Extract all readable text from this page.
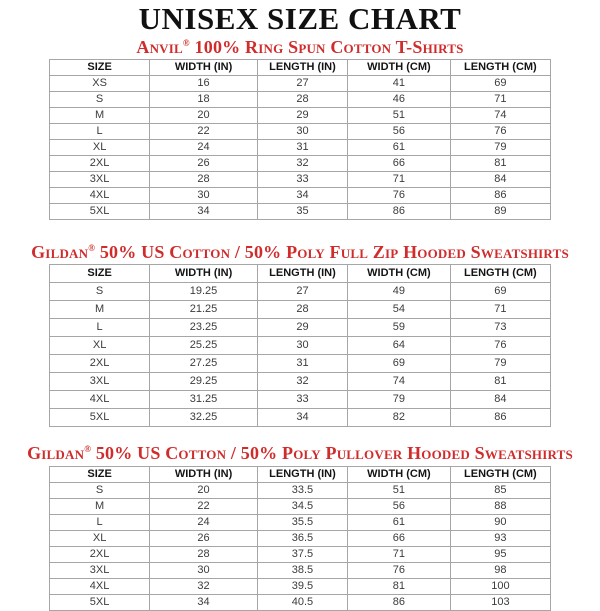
UNISEX SIZE CHART
Anvil® 100% Ring Spun Cotton T-Shirts
SIZE	WIDTH (IN)	LENGTH (IN)	WIDTH (CM)	LENGTH (CM)
XS	16	27	41	69
S	18	28	46	71
M	20	29	51	74
L	22	30	56	76
XL	24	31	61	79
2XL	26	32	66	81
3XL	28	33	71	84
4XL	30	34	76	86
5XL	34	35	86	89
Gildan® 50% US Cotton / 50% Poly Full Zip Hooded Sweatshirts
SIZE	WIDTH (IN)	LENGTH (IN)	WIDTH (CM)	LENGTH (CM)
S	19.25	27	49	69
M	21.25	28	54	71
L	23.25	29	59	73
XL	25.25	30	64	76
2XL	27.25	31	69	79
3XL	29.25	32	74	81
4XL	31.25	33	79	84
5XL	32.25	34	82	86
Gildan® 50% US Cotton / 50% Poly Pullover Hooded Sweatshirts
SIZE	WIDTH (IN)	LENGTH (IN)	WIDTH (CM)	LENGTH (CM)
S	20	33.5	51	85
M	22	34.5	56	88
L	24	35.5	61	90
XL	26	36.5	66	93
2XL	28	37.5	71	95
3XL	30	38.5	76	98
4XL	32	39.5	81	100
5XL	34	40.5	86	103
